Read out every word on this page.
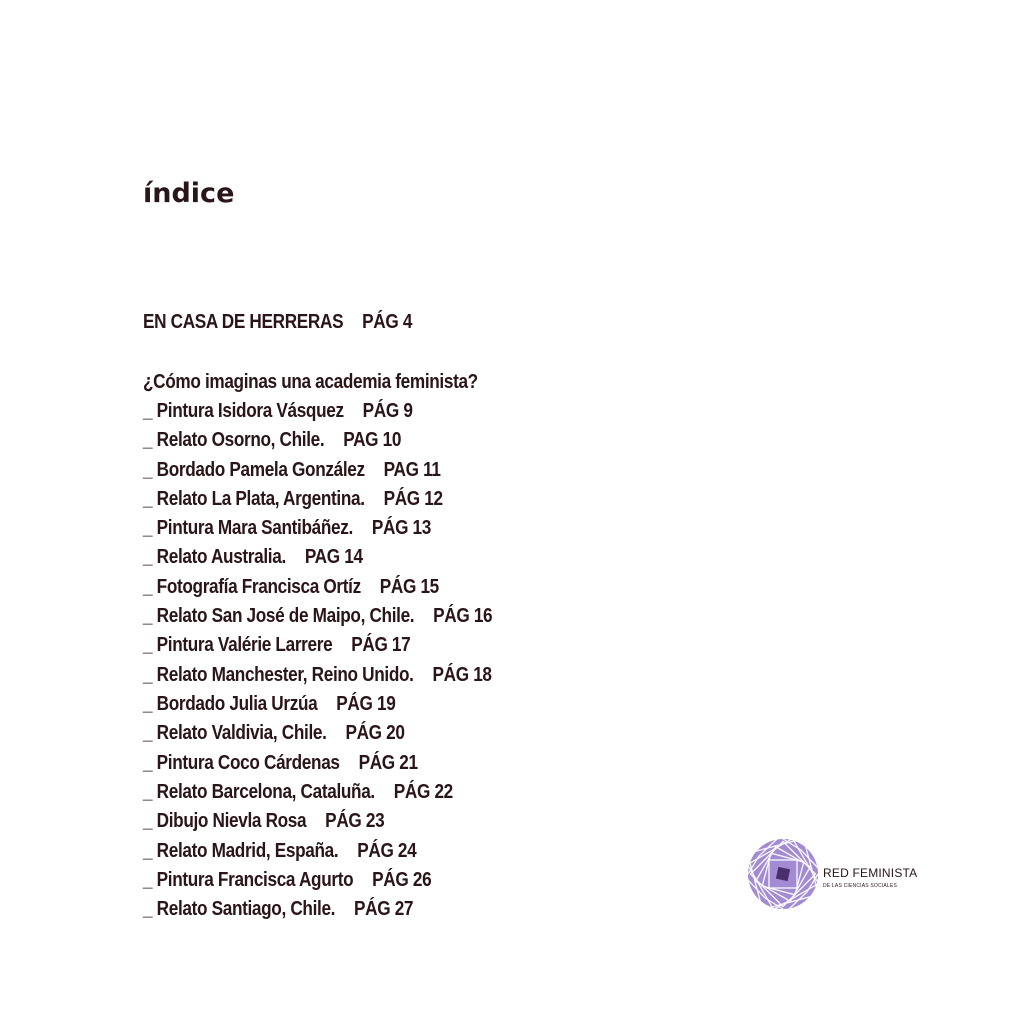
índice
EN CASA DE HERRERAS PÁG 4
¿Cómo imaginas una academia feminista?
_ Pintura Isidora Vásquez PÁG 9
_ Relato Osorno, Chile. PAG 10
_ Bordado Pamela González PAG 11
_ Relato La Plata, Argentina. PÁG 12
_ Pintura Mara Santibáñez. PÁG 13
_ Relato Australia. PAG 14
_ Fotografía Francisca Ortíz PÁG 15
_ Relato San José de Maipo, Chile. PÁG 16
_ Pintura Valérie Larrere PÁG 17
_ Relato Manchester, Reino Unido. PÁG 18
_ Bordado Julia Urzúa PÁG 19
_ Relato Valdivia, Chile. PÁG 20
_ Pintura Coco Cárdenas PÁG 21
_ Relato Barcelona, Cataluña. PÁG 22
_ Dibujo Nievla Rosa PÁG 23
_ Relato Madrid, España. PÁG 24
_ Pintura Francisca Agurto PÁG 26
_ Relato Santiago, Chile. PÁG 27
RED FEMINISTA
DE LAS CIENCIAS SOCIALES
